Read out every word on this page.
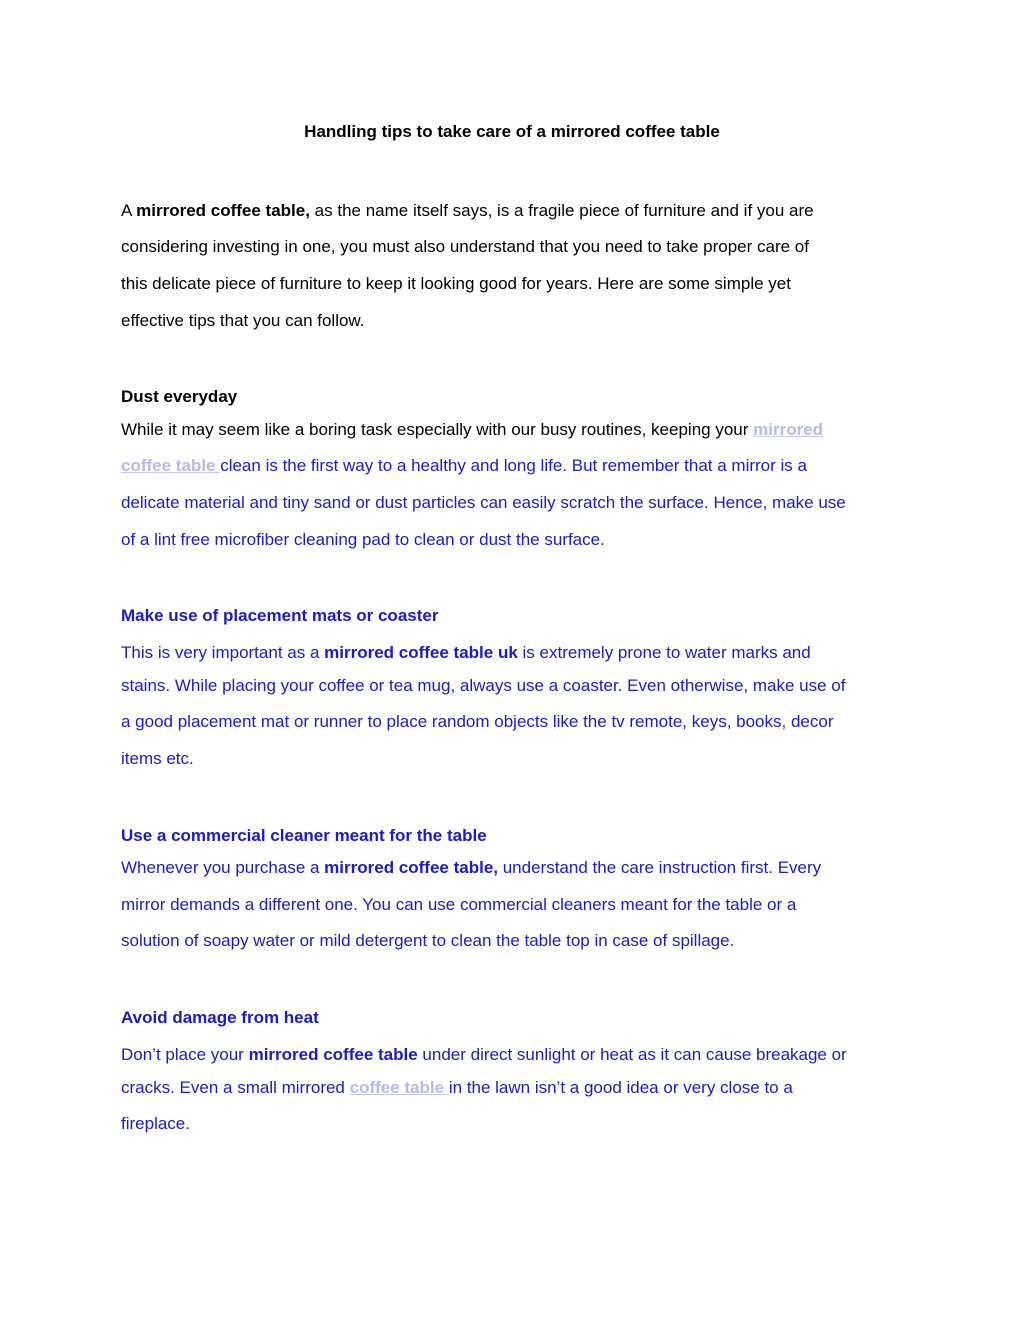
Handling tips to take care of a mirrored coffee table
A mirrored coffee table, as the name itself says, is a fragile piece of furniture and if you are
considering investing in one, you must also understand that you need to take proper care of
this delicate piece of furniture to keep it looking good for years. Here are some simple yet
effective tips that you can follow.
Dust everyday
While it may seem like a boring task especially with our busy routines, keeping your mirrored
coffee table clean is the first way to a healthy and long life. But remember that a mirror is a
delicate material and tiny sand or dust particles can easily scratch the surface. Hence, make use
of a lint free microfiber cleaning pad to clean or dust the surface.
Make use of placement mats or coaster
This is very important as a mirrored coffee table uk is extremely prone to water marks and
stains. While placing your coffee or tea mug, always use a coaster. Even otherwise, make use of
a good placement mat or runner to place random objects like the tv remote, keys, books, decor
items etc.
Use a commercial cleaner meant for the table
Whenever you purchase a mirrored coffee table, understand the care instruction first. Every
mirror demands a different one. You can use commercial cleaners meant for the table or a
solution of soapy water or mild detergent to clean the table top in case of spillage.
Avoid damage from heat
Don’t place your mirrored coffee table under direct sunlight or heat as it can cause breakage or
cracks. Even a small mirrored coffee table in the lawn isn’t a good idea or very close to a
fireplace.
